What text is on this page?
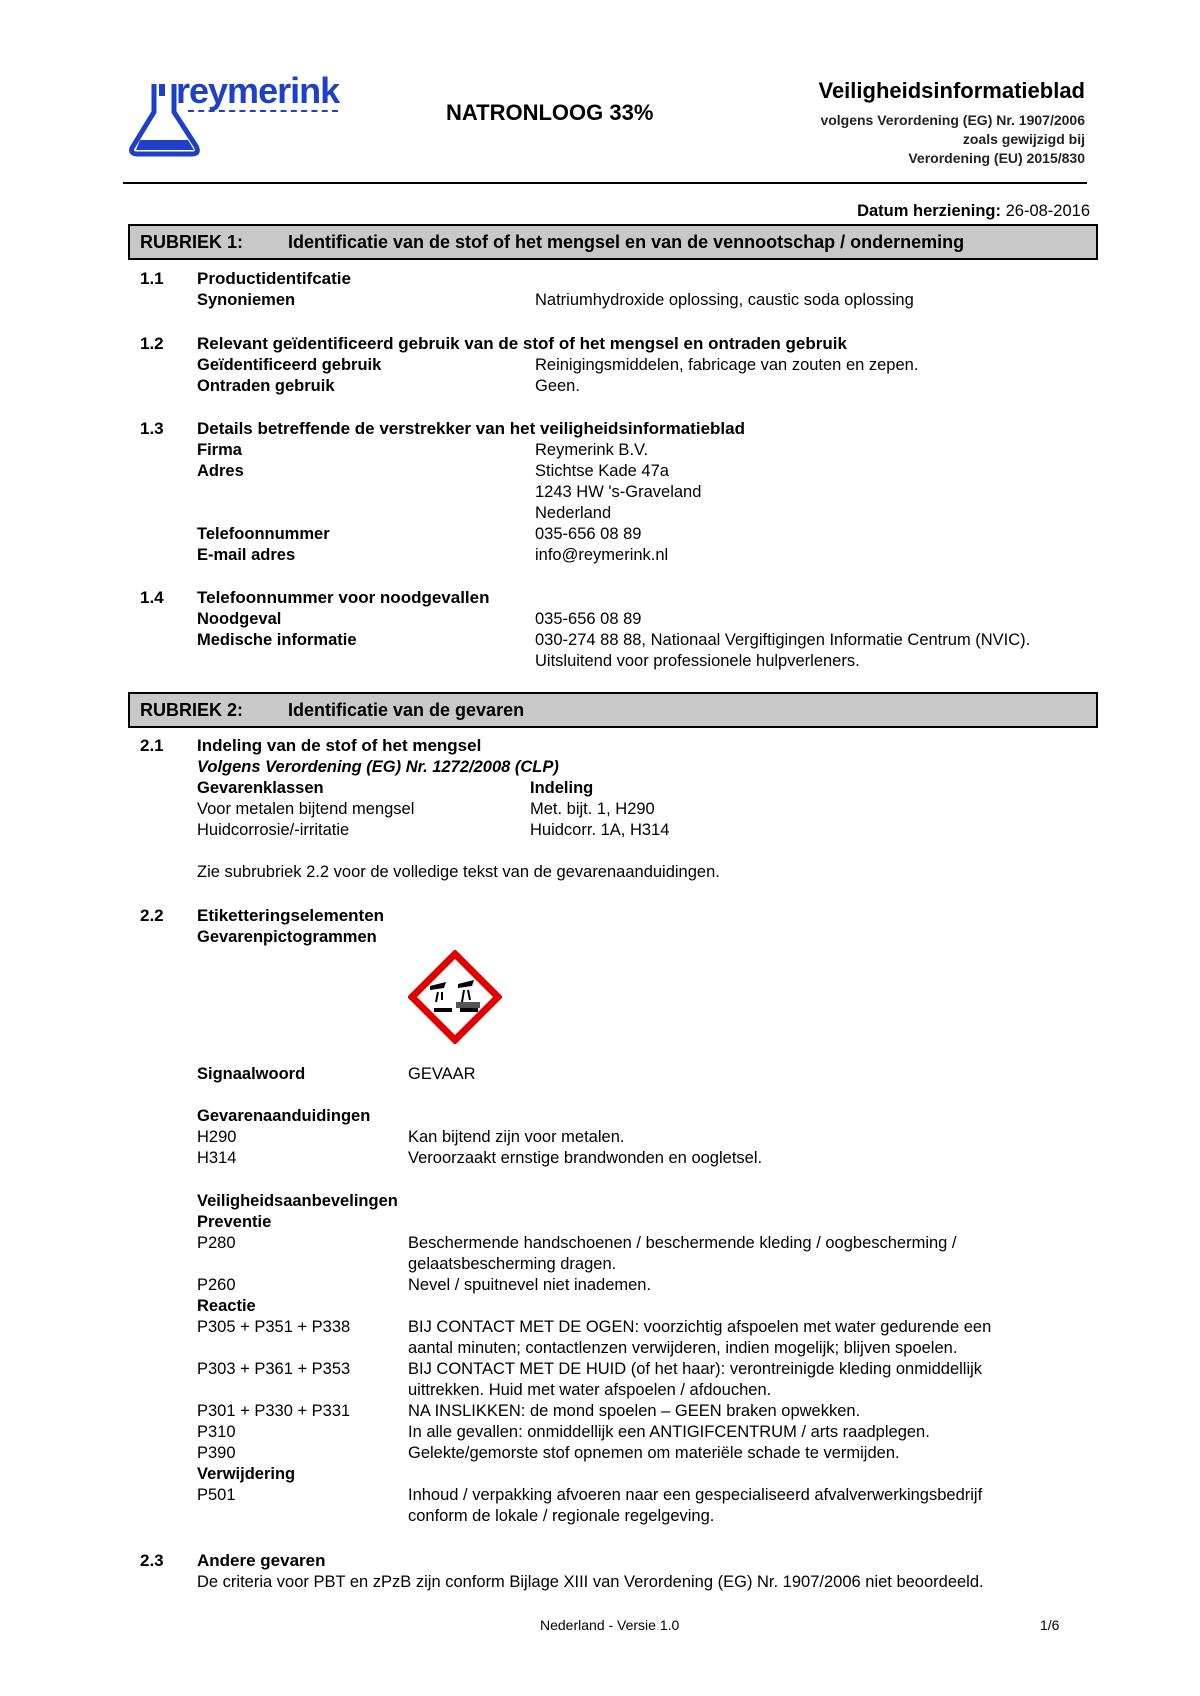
reymerink
NATRONLOOG 33%
Veiligheidsinformatieblad
volgens Verordening (EG) Nr. 1907/2006
zoals gewijzigd bij
Verordening (EU) 2015/830
Datum herziening: 26-08-2016
RUBRIEK 1: Identificatie van de stof of het mengsel en van de vennootschap / onderneming
1.1 Productidentifcatie
Synoniemen	Natriumhydroxide oplossing, caustic soda oplossing
1.2 Relevant geïdentificeerd gebruik van de stof of het mengsel en ontraden gebruik
Geïdentificeerd gebruik	Reinigingsmiddelen, fabricage van zouten en zepen.
Ontraden gebruik	Geen.
1.3 Details betreffende de verstrekker van het veiligheidsinformatieblad
Firma	Reymerink B.V.
Adres	Stichtse Kade 47a
1243 HW 's-Graveland
Nederland
Telefoonnummer	035-656 08 89
E-mail adres	info@reymerink.nl
1.4 Telefoonnummer voor noodgevallen
Noodgeval	035-656 08 89
Medische informatie	030-274 88 88, Nationaal Vergiftigingen Informatie Centrum (NVIC).
Uitsluitend voor professionele hulpverleners.
RUBRIEK 2: Identificatie van de gevaren
2.1 Indeling van de stof of het mengsel
Volgens Verordening (EG) Nr. 1272/2008 (CLP)
Gevarenklassen	Indeling
Voor metalen bijtend mengsel	Met. bijt. 1, H290
Huidcorrosie/-irritatie	Huidcorr. 1A, H314
Zie subrubriek 2.2 voor de volledige tekst van de gevarenaanduidingen.
2.2 Etiketteringselementen
Gevarenpictogrammen
Signaalwoord	GEVAAR
Gevarenaanduidingen
H290	Kan bijtend zijn voor metalen.
H314	Veroorzaakt ernstige brandwonden en oogletsel.
Veiligheidsaanbevelingen
Preventie
P280	Beschermende handschoenen / beschermende kleding / oogbescherming /
gelaatsbescherming dragen.
P260	Nevel / spuitnevel niet inademen.
Reactie
P305 + P351 + P338	BIJ CONTACT MET DE OGEN: voorzichtig afspoelen met water gedurende een
aantal minuten; contactlenzen verwijderen, indien mogelijk; blijven spoelen.
P303 + P361 + P353	BIJ CONTACT MET DE HUID (of het haar): verontreinigde kleding onmiddellijk
uittrekken. Huid met water afspoelen / afdouchen.
P301 + P330 + P331	NA INSLIKKEN: de mond spoelen – GEEN braken opwekken.
P310	In alle gevallen: onmiddellijk een ANTIGIFCENTRUM / arts raadplegen.
P390	Gelekte/gemorste stof opnemen om materiële schade te vermijden.
Verwijdering
P501	Inhoud / verpakking afvoeren naar een gespecialiseerd afvalverwerkingsbedrijf
conform de lokale / regionale regelgeving.
2.3 Andere gevaren
De criteria voor PBT en zPzB zijn conform Bijlage XIII van Verordening (EG) Nr. 1907/2006 niet beoordeeld.
Nederland - Versie 1.0	1/6
